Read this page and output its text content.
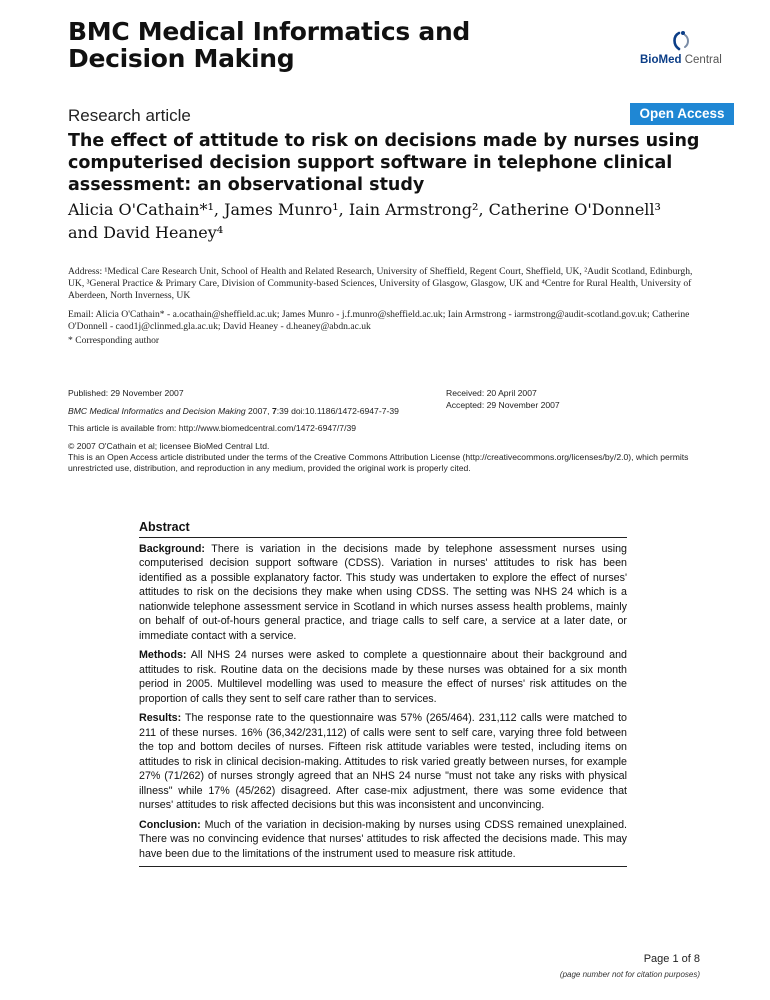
BMC Medical Informatics and
Decision Making	BioMed Central
Research article	Open Access
The effect of attitude to risk on decisions made by nurses using computerised decision support software in telephone clinical assessment: an observational study
Alicia O'Cathain*¹, James Munro¹, Iain Armstrong², Catherine O'Donnell³
and David Heaney⁴
Address: ¹Medical Care Research Unit, School of Health and Related Research, University of Sheffield, Regent Court, Sheffield, UK, ²Audit Scotland, Edinburgh, UK, ³General Practice & Primary Care, Division of Community-based Sciences, University of Glasgow, Glasgow, UK and ⁴Centre for Rural Health, University of Aberdeen, North Inverness, UK
Email: Alicia O'Cathain* - a.ocathain@sheffield.ac.uk; James Munro - j.f.munro@sheffield.ac.uk; Iain Armstrong - iarmstrong@audit-scotland.gov.uk; Catherine O'Donnell - caod1j@clinmed.gla.ac.uk; David Heaney - d.heaney@abdn.ac.uk
* Corresponding author
Published: 29 November 2007	Received: 20 April 2007
Accepted: 29 November 2007
BMC Medical Informatics and Decision Making 2007, 7:39 doi:10.1186/1472-6947-7-39
This article is available from: http://www.biomedcentral.com/1472-6947/7/39
© 2007 O'Cathain et al; licensee BioMed Central Ltd.
This is an Open Access article distributed under the terms of the Creative Commons Attribution License (http://creativecommons.org/licenses/by/2.0), which permits unrestricted use, distribution, and reproduction in any medium, provided the original work is properly cited.
Abstract

Background: There is variation in the decisions made by telephone assessment nurses using computerised decision support software (CDSS). Variation in nurses' attitudes to risk has been identified as a possible explanatory factor. This study was undertaken to explore the effect of nurses' attitudes to risk on the decisions they make when using CDSS. The setting was NHS 24 which is a nationwide telephone assessment service in Scotland in which nurses assess health problems, mainly on behalf of out-of-hours general practice, and triage calls to self care, a service at a later date, or immediate contact with a service.

Methods: All NHS 24 nurses were asked to complete a questionnaire about their background and attitudes to risk. Routine data on the decisions made by these nurses was obtained for a six month period in 2005. Multilevel modelling was used to measure the effect of nurses' risk attitudes on the proportion of calls they sent to self care rather than to services.

Results: The response rate to the questionnaire was 57% (265/464). 231,112 calls were matched to 211 of these nurses. 16% (36,342/231,112) of calls were sent to self care, varying three fold between the top and bottom deciles of nurses. Fifteen risk attitude variables were tested, including items on attitudes to risk in clinical decision-making. Attitudes to risk varied greatly between nurses, for example 27% (71/262) of nurses strongly agreed that an NHS 24 nurse "must not take any risks with physical illness" while 17% (45/262) disagreed. After case-mix adjustment, there was some evidence that nurses' attitudes to risk affected decisions but this was inconsistent and unconvincing.

Conclusion: Much of the variation in decision-making by nurses using CDSS remained unexplained. There was no convincing evidence that nurses' attitudes to risk affected the decisions made. This may have been due to the limitations of the instrument used to measure risk attitude.

Page 1 of 8
(page number not for citation purposes)
